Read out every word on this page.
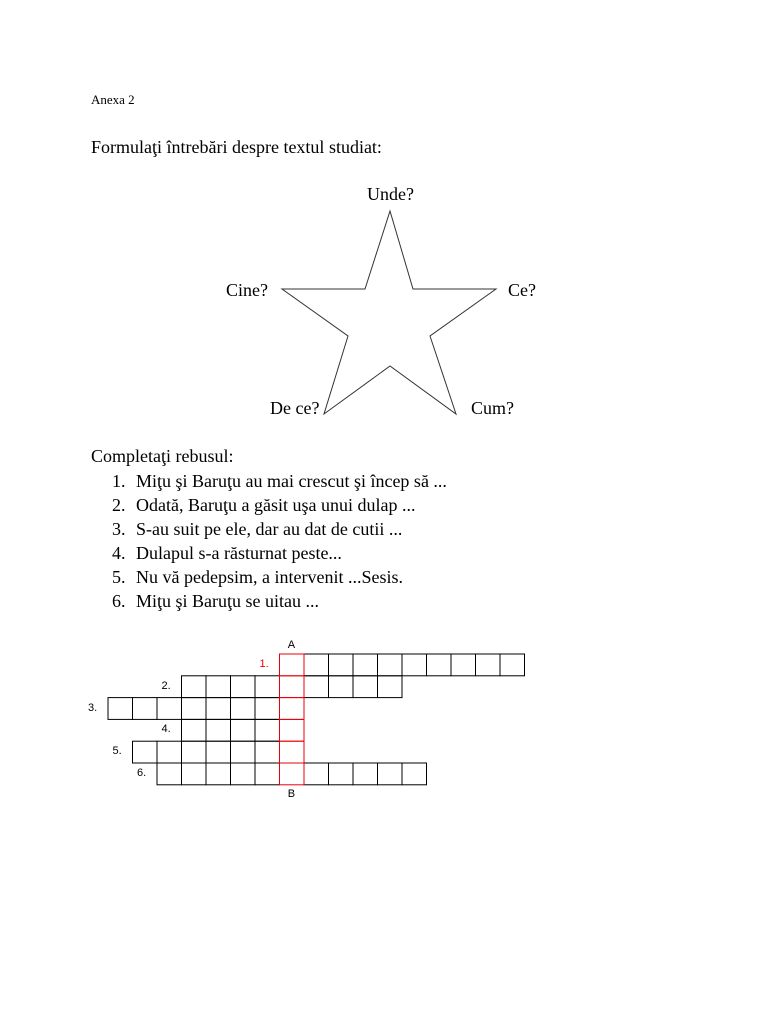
Anexa 2
Formulaţi întrebări despre textul studiat:
Unde?
Cine?	Ce?
De ce?	Cum?
Completaţi rebusul:
1. Miţu şi Baruţu au mai crescut şi încep să ...
2. Odată, Baruţu a găsit uşa unui dulap ...
3. S-au suit pe ele, dar au dat de cutii ...
4. Dulapul s-a răsturnat peste...
5. Nu vă pedepsim, a intervenit ...Sesis.
6. Miţu şi Baruţu se uitau ...
A
B
1.
2.
3.
4.
5.
6.
